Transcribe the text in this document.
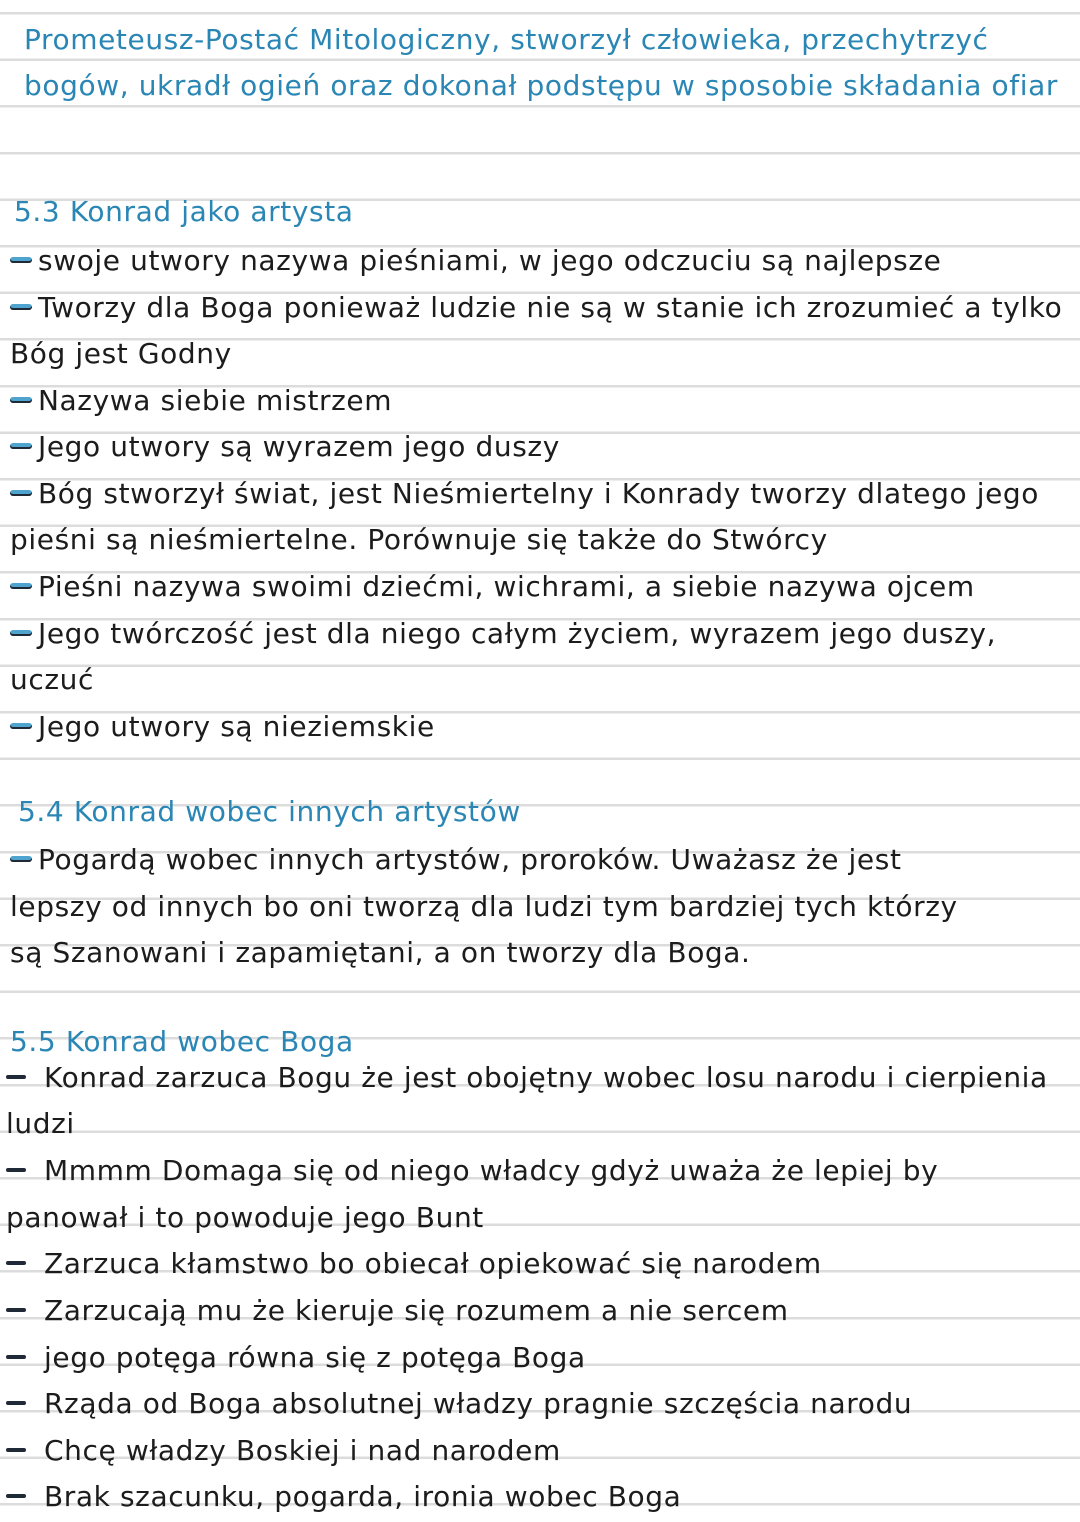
Prometeusz-Postać Mitologiczny, stworzył człowieka, przechytrzyć
bogów, ukradł ogień oraz dokonał podstępu w sposobie składania ofiar
5.3 Konrad jako artysta
swoje utwory nazywa pieśniami, w jego odczuciu są najlepsze
Tworzy dla Boga ponieważ ludzie nie są w stanie ich zrozumieć a tylko
Bóg jest Godny
Nazywa siebie mistrzem
Jego utwory są wyrazem jego duszy
Bóg stworzył świat, jest Nieśmiertelny i Konrady tworzy dlatego jego
pieśni są nieśmiertelne. Porównuje się także do Stwórcy
Pieśni nazywa swoimi dziećmi, wichrami, a siebie nazywa ojcem
Jego twórczość jest dla niego całym życiem, wyrazem jego duszy,
uczuć
Jego utwory są nieziemskie
5.4 Konrad wobec innych artystów
Pogardą wobec innych artystów, proroków. Uważasz że jest
lepszy od innych bo oni tworzą dla ludzi tym bardziej tych którzy
są Szanowani i zapamiętani, a on tworzy dla Boga.
5.5 Konrad wobec Boga
Konrad zarzuca Bogu że jest obojętny wobec losu narodu i cierpienia
ludzi
Mmmm Domaga się od niego władcy gdyż uważa że lepiej by
panował i to powoduje jego Bunt
Zarzuca kłamstwo bo obiecał opiekować się narodem
Zarzucają mu że kieruje się rozumem a nie sercem
jego potęga równa się z potęga Boga
Rząda od Boga absolutnej władzy pragnie szczęścia narodu
Chcę władzy Boskiej i nad narodem
Brak szacunku, pogarda, ironia wobec Boga
